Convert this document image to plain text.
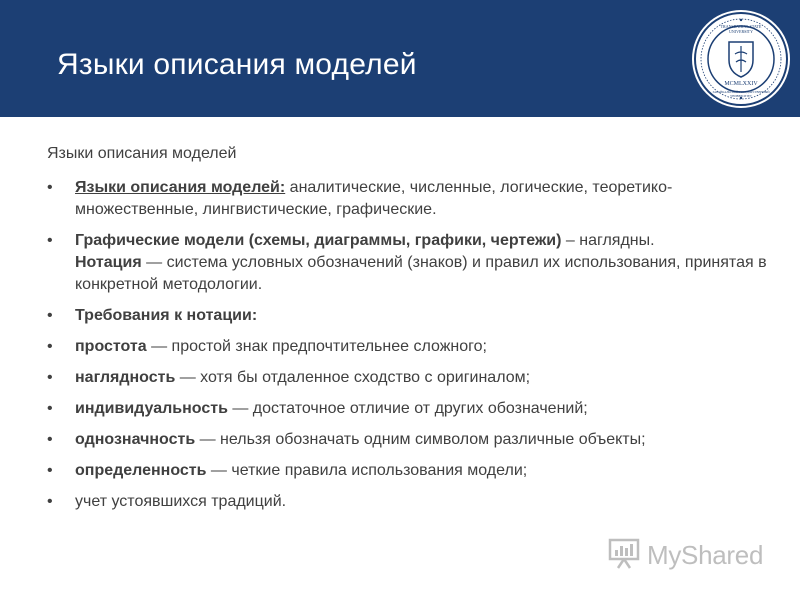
Языки описания моделей
MCMLXXIV
TRANSBAIKAL STATE UNIVERSITY
ЗАБАЙКАЛЬСКИЙ ГОСУДАРСТВЕННЫЙ УНИВЕРСИТЕТ

Языки описания моделей

• Языки описания моделей: аналитические, численные, логические, теоретико-множественные, лингвистические, графические.
• Графические модели (схемы, диаграммы, графики, чертежи) – наглядны.
Нотация — система условных обозначений (знаков) и правил их использования, принятая в конкретной методологии.
• Требования к нотации:
• простота — простой знак предпочтительнее сложного;
• наглядность — хотя бы отдаленное сходство с оригиналом;
• индивидуальность — достаточное отличие от других обозначений;
• однозначность — нельзя обозначать одним символом различные объекты;
• определенность — четкие правила использования модели;
• учет устоявшихся традиций.
MyShared
